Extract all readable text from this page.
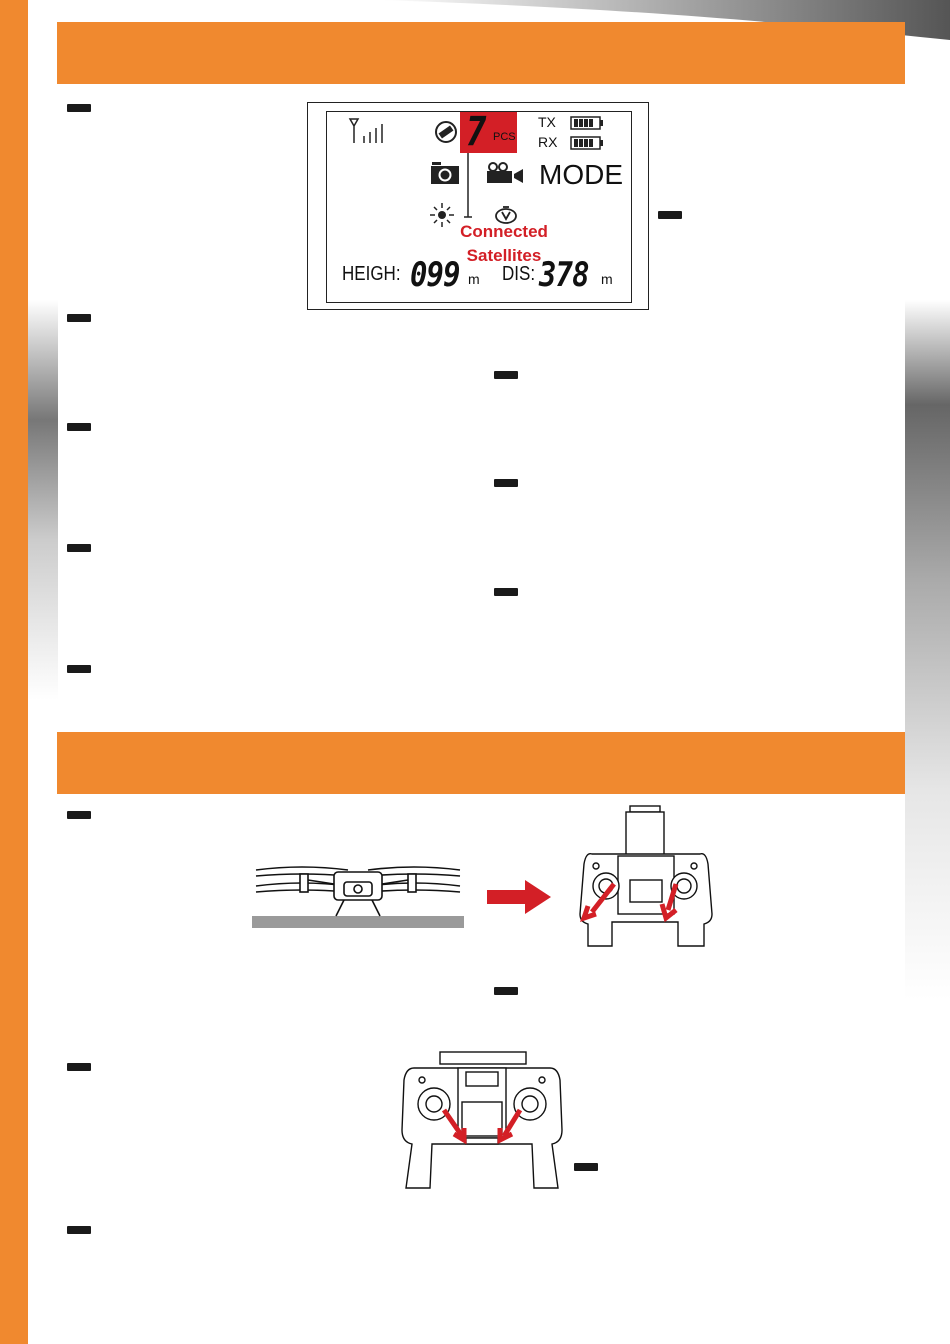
7 PCS
TX
RX
MODE
Connected
Satellites
HEIGH: 099 m DIS: 378 m
